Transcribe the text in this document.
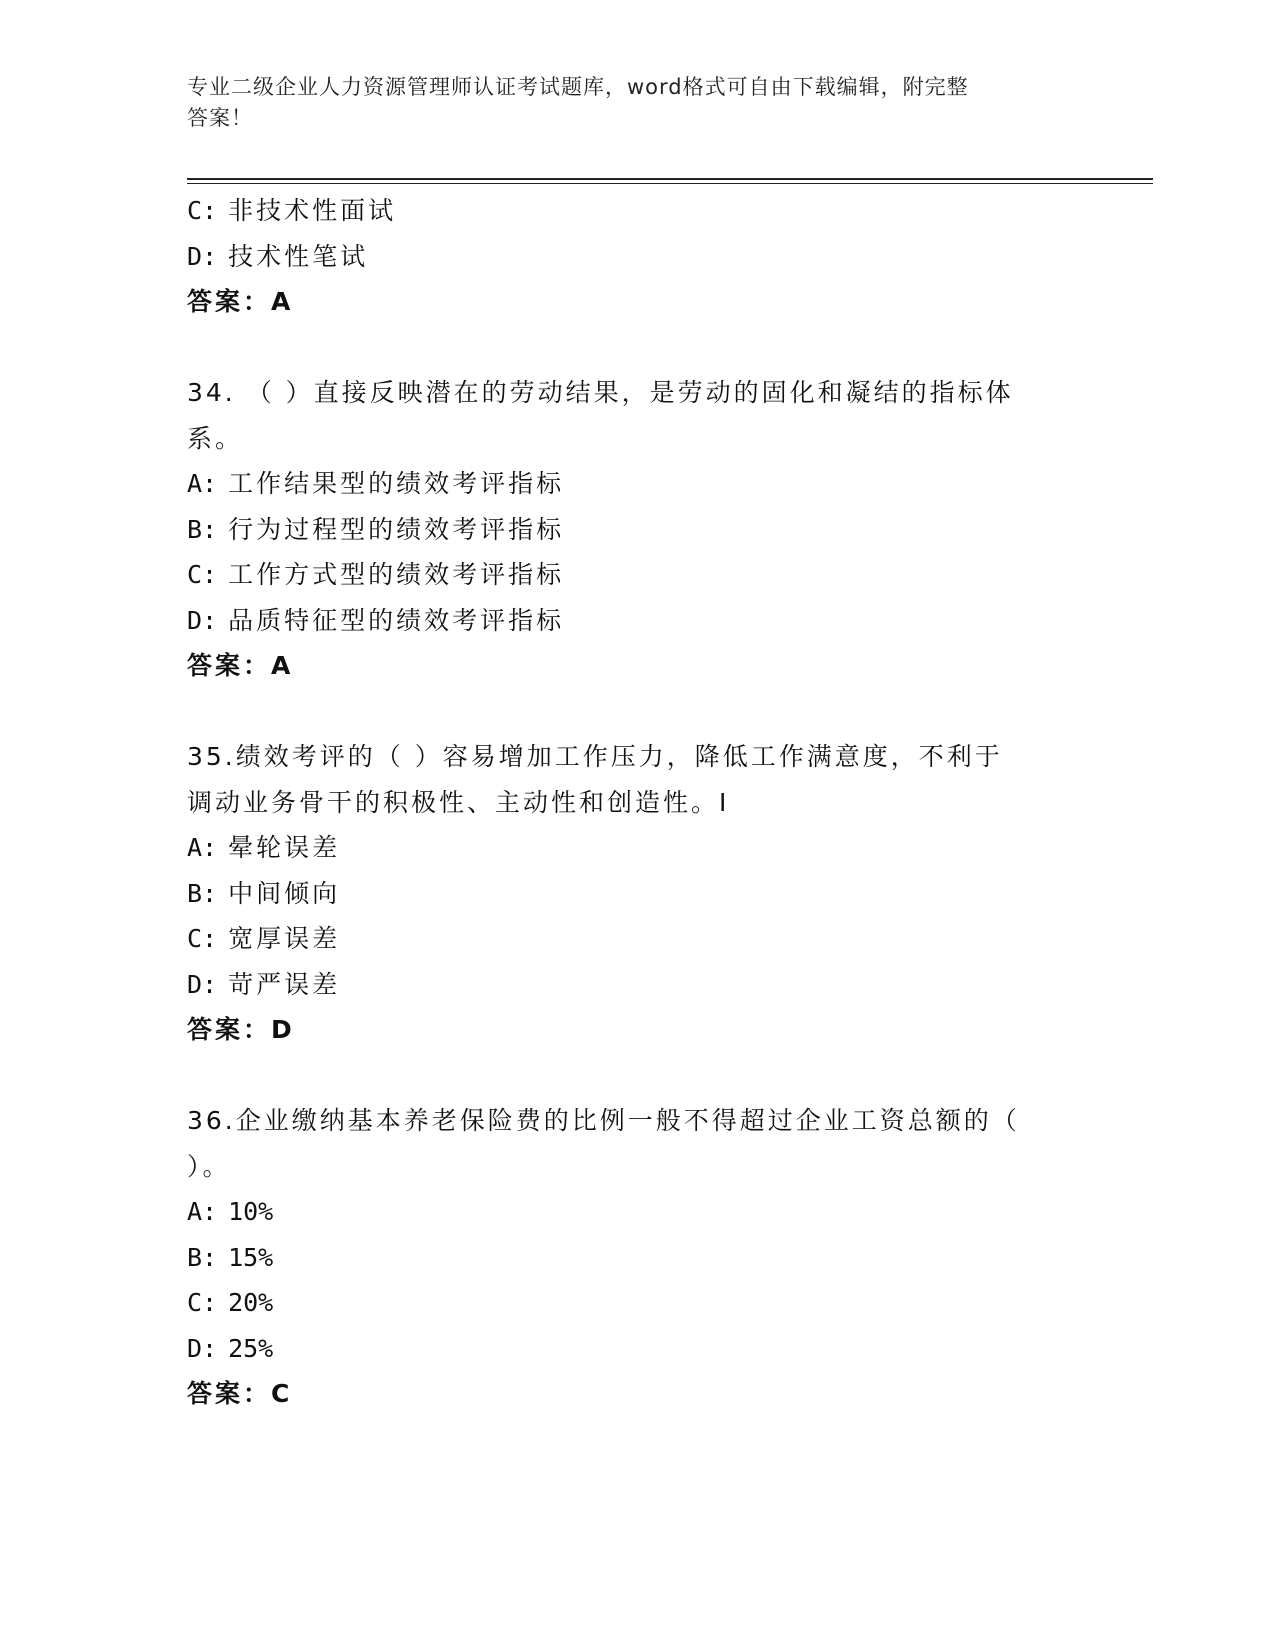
专业二级企业人力资源管理师认证考试题库，word格式可自由下载编辑，附完整
答案！
C: 非技术性面试
D: 技术性笔试
答案：A
34. （ ）直接反映潜在的劳动结果，是劳动的固化和凝结的指标体
系。
A: 工作结果型的绩效考评指标
B: 行为过程型的绩效考评指标
C: 工作方式型的绩效考评指标
D: 品质特征型的绩效考评指标
答案：A
35.绩效考评的（ ）容易增加工作压力，降低工作满意度，不利于
调动业务骨干的积极性、主动性和创造性。I
A: 晕轮误差
B: 中间倾向
C: 宽厚误差
D: 苛严误差
答案：D
36.企业缴纳基本养老保险费的比例一般不得超过企业工资总额的（
）。
A: 10%
B: 15%
C: 20%
D: 25%
答案：C
